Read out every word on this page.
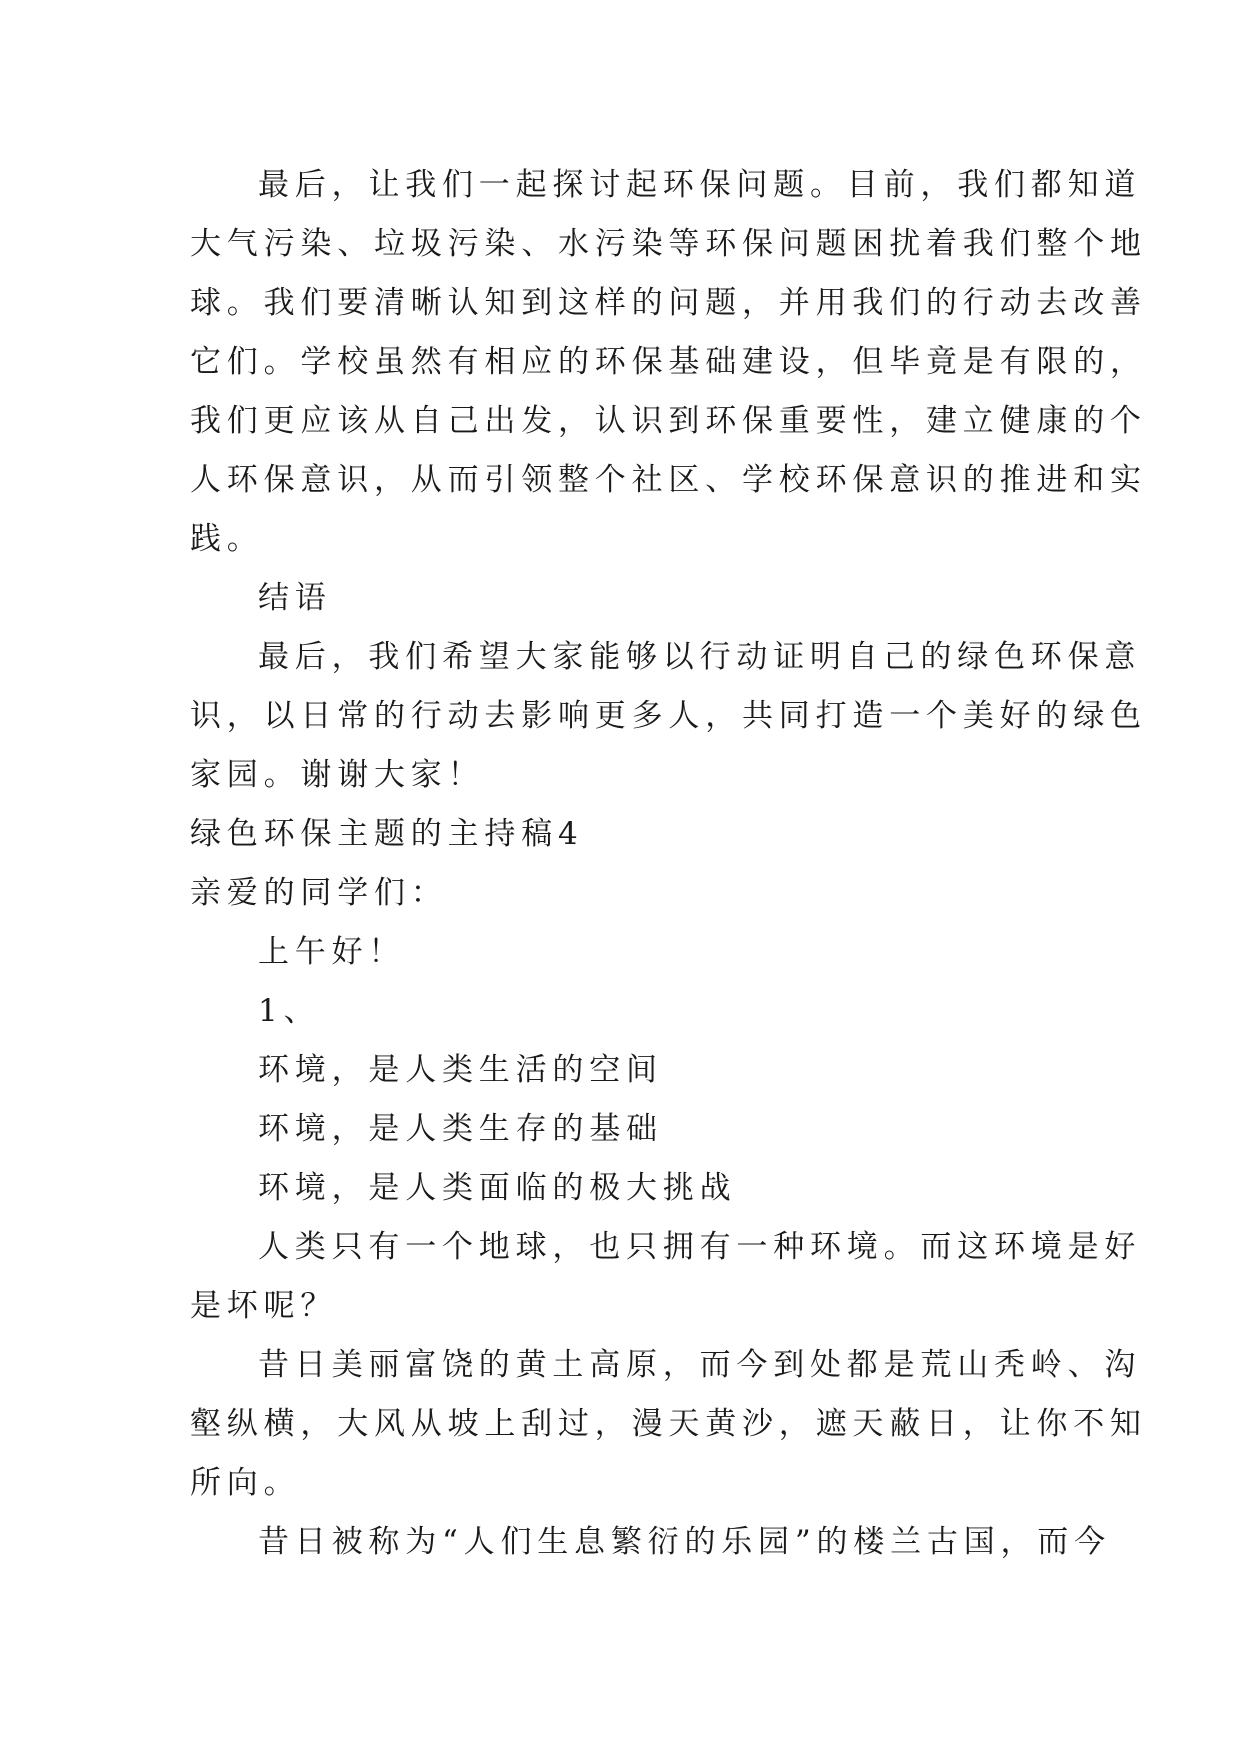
最后，让我们一起探讨起环保问题。目前，我们都知道
大气污染、垃圾污染、水污染等环保问题困扰着我们整个地
球。我们要清晰认知到这样的问题，并用我们的行动去改善
它们。学校虽然有相应的环保基础建设，但毕竟是有限的，
我们更应该从自己出发，认识到环保重要性，建立健康的个
人环保意识，从而引领整个社区、学校环保意识的推进和实
践。
结语
最后，我们希望大家能够以行动证明自己的绿色环保意
识，以日常的行动去影响更多人，共同打造一个美好的绿色
家园。谢谢大家！
绿色环保主题的主持稿4
亲爱的同学们：
上午好！
1、
环境，是人类生活的空间
环境，是人类生存的基础
环境，是人类面临的极大挑战
人类只有一个地球，也只拥有一种环境。而这环境是好
是坏呢？
昔日美丽富饶的黄土高原，而今到处都是荒山秃岭、沟
壑纵横，大风从坡上刮过，漫天黄沙，遮天蔽日，让你不知
所向。
昔日被称为“人们生息繁衍的乐园”的楼兰古国，而今
